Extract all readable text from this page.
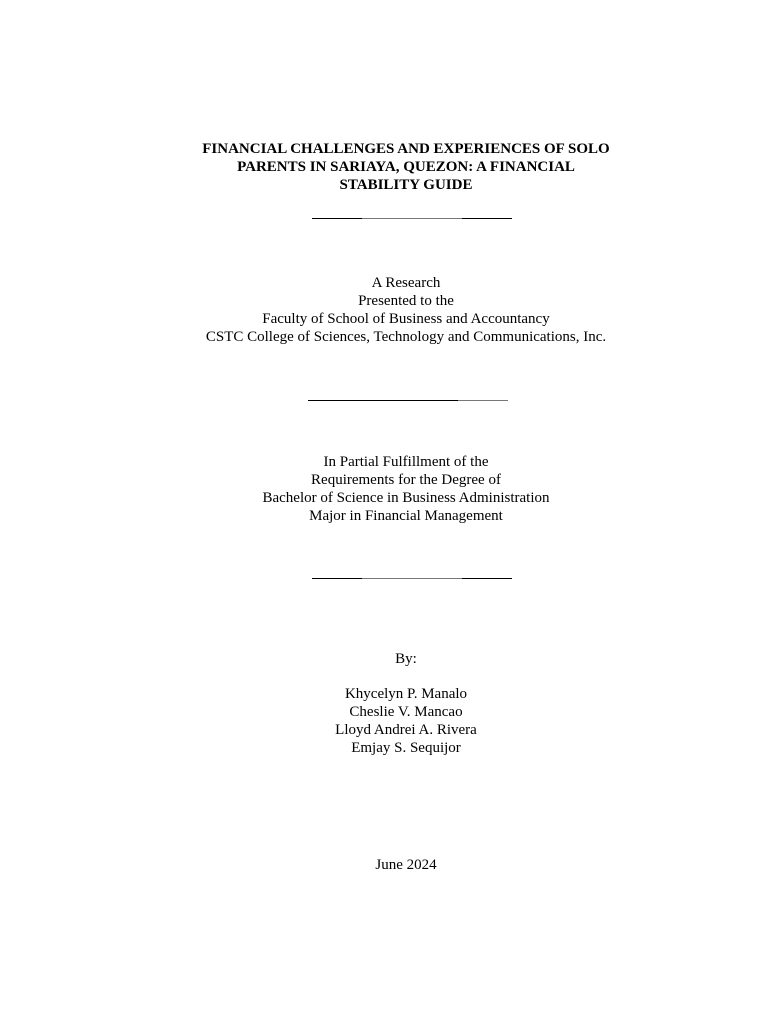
FINANCIAL CHALLENGES AND EXPERIENCES OF SOLO
PARENTS IN SARIAYA, QUEZON: A FINANCIAL
STABILITY GUIDE
A Research
Presented to the
Faculty of School of Business and Accountancy
CSTC College of Sciences, Technology and Communications, Inc.
In Partial Fulfillment of the
Requirements for the Degree of
Bachelor of Science in Business Administration
Major in Financial Management
By:
Khycelyn P. Manalo
Cheslie V. Mancao
Lloyd Andrei A. Rivera
Emjay S. Sequijor
June 2024
